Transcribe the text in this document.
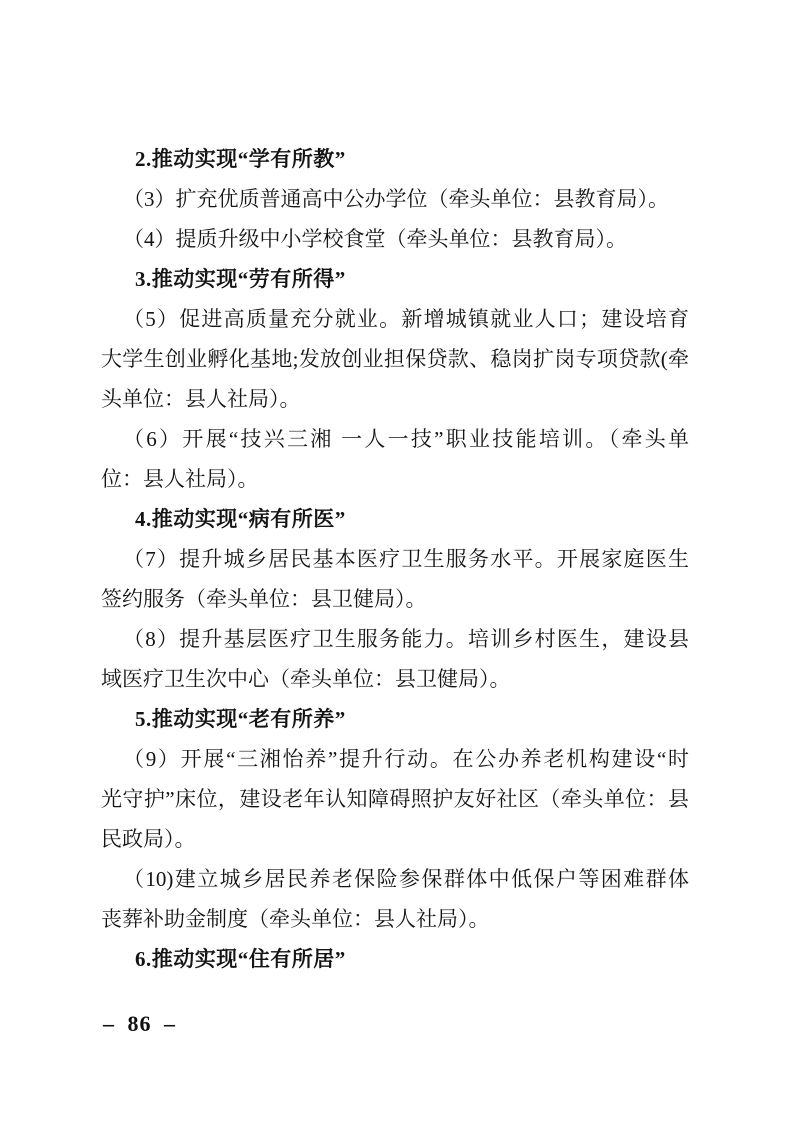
2.推动实现“学有所教”
（3）扩充优质普通高中公办学位（牵头单位：县教育局）。
（4）提质升级中小学校食堂（牵头单位：县教育局）。
3.推动实现“劳有所得”
（5）促进高质量充分就业。新增城镇就业人口；建设培育
大学生创业孵化基地;发放创业担保贷款、稳岗扩岗专项贷款(牵
头单位：县人社局）。
（6）开展“技兴三湘 一人一技”职业技能培训。（牵头单
位：县人社局）。
4.推动实现“病有所医”
（7）提升城乡居民基本医疗卫生服务水平。开展家庭医生
签约服务（牵头单位：县卫健局）。
（8）提升基层医疗卫生服务能力。培训乡村医生，建设县
域医疗卫生次中心（牵头单位：县卫健局）。
5.推动实现“老有所养”
（9）开展“三湘怡养”提升行动。在公办养老机构建设“时
光守护”床位，建设老年认知障碍照护友好社区（牵头单位：县
民政局）。
（10)建立城乡居民养老保险参保群体中低保户等困难群体
丧葬补助金制度（牵头单位：县人社局）。
6.推动实现“住有所居”
– 86 –
